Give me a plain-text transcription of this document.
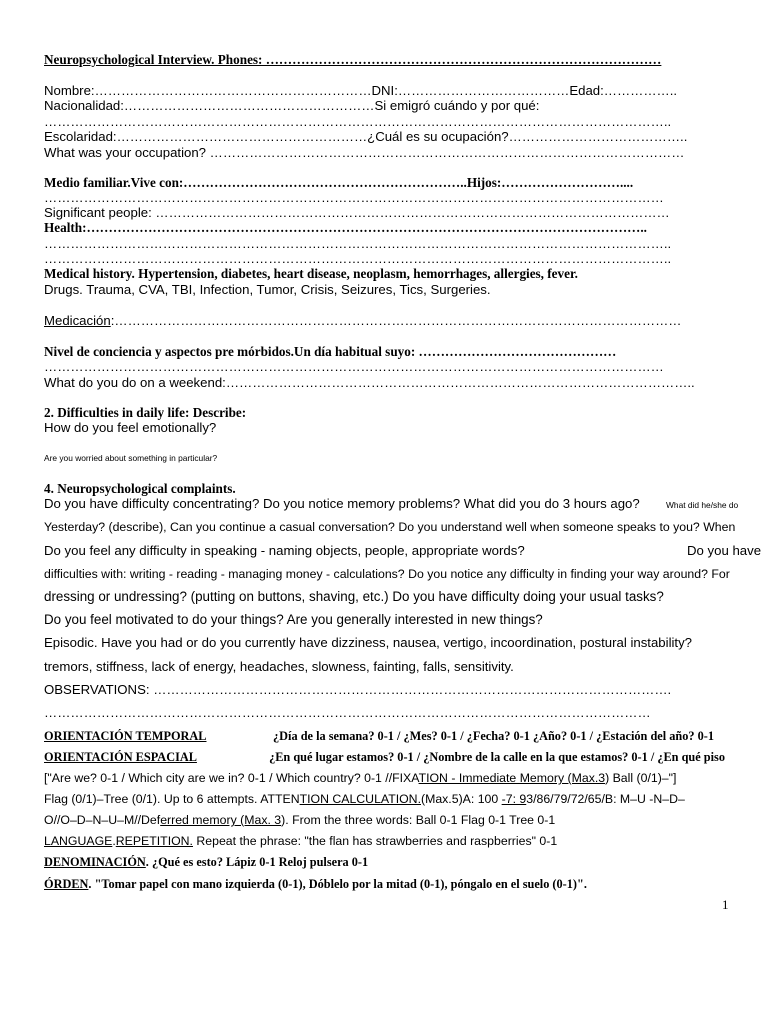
Neuropsychological Interview. Phones: ………………………………………………………………………………
Nombre:………………………………………………………DNI:…………………………………Edad:……………..
Nacionalidad:…………………………………………………Si emigró cuándo y por qué:
……………………………………………………………………………………………………………………………..
Escolaridad:…………………………………………………¿Cuál es su ocupación?…………………………………..
What was your occupation? ………………………………………………………………………………………………
Medio familiar.Vive con:………………………………………………………..Hijos:………………………....
……………………………………………………………………………………………………………………………
Significant people: ………………………………………………………………………………………………………
Health:………………………………………………………………………………………………………………..
……………………………………………………………………………………………………………………………..
……………………………………………………………………………………………………………………………..
Medical history. Hypertension, diabetes, heart disease, neoplasm, hemorrhages, allergies, fever.
Drugs. Trauma, CVA, TBI, Infection, Tumor, Crisis, Seizures, Tics, Surgeries.
Medicación:…………………………………………………………………………………………………………………
Nivel de conciencia y aspectos pre mórbidos.Un día habitual suyo: ………………………………………
……………………………………………………………………………………………………………………………
What do you do on a weekend:……………………………………………………………………………………………..
2. Difficulties in daily life: Describe:
How do you feel emotionally?
Are you worried about something in particular?
4. Neuropsychological complaints.
Do you have difficulty concentrating? Do you notice memory problems? What did you do 3 hours ago?	What did he/she do
Yesterday? (describe), Can you continue a casual conversation? Do you understand well when someone speaks to you? When
Do you feel any difficulty in speaking - naming objects, people, appropriate words?	Do you have
difficulties with: writing - reading - managing money - calculations? Do you notice any difficulty in finding your way around? For
dressing or undressing? (putting on buttons, shaving, etc.) Do you have difficulty doing your usual tasks?
Do you feel motivated to do your things? Are you generally interested in new things?
Episodic. Have you had or do you currently have dizziness, nausea, vertigo, incoordination, postural instability?
tremors, stiffness, lack of energy, headaches, slowness, fainting, falls, sensitivity.
OBSERVATIONS: ……………………………………………………………………………………………………….
…………………………………………………………………………………………………………………………
ORIENTACIÓN TEMPORAL	¿Día de la semana? 0-1 / ¿Mes? 0-1 / ¿Fecha? 0-1 ¿Año? 0-1 / ¿Estación del año? 0-1
ORIENTACIÓN ESPACIAL	¿En qué lugar estamos? 0-1 / ¿Nombre de la calle en la que estamos? 0-1 / ¿En qué piso
["Are we? 0-1 / Which city are we in? 0-1 / Which country? 0-1 //FIXATION - Immediate Memory (Max.3) Ball (0/1)–"]
Flag (0/1)–Tree (0/1). Up to 6 attempts. ATTENTION CALCULATION.(Max.5)A: 100 -7: 93/86/79/72/65/B: M–U -N–D–
O//O–D–N–U–M//Deferred memory (Max. 3). From the three words: Ball 0-1 Flag 0-1 Tree 0-1
LANGUAGE.REPETITION. Repeat the phrase: "the flan has strawberries and raspberries" 0-1
DENOMINACIÓN. ¿Qué es esto? Lápiz 0-1 Reloj pulsera 0-1
ÓRDEN. "Tomar papel con mano izquierda (0-1), Dóblelo por la mitad (0-1), póngalo en el suelo (0-1)".
1
